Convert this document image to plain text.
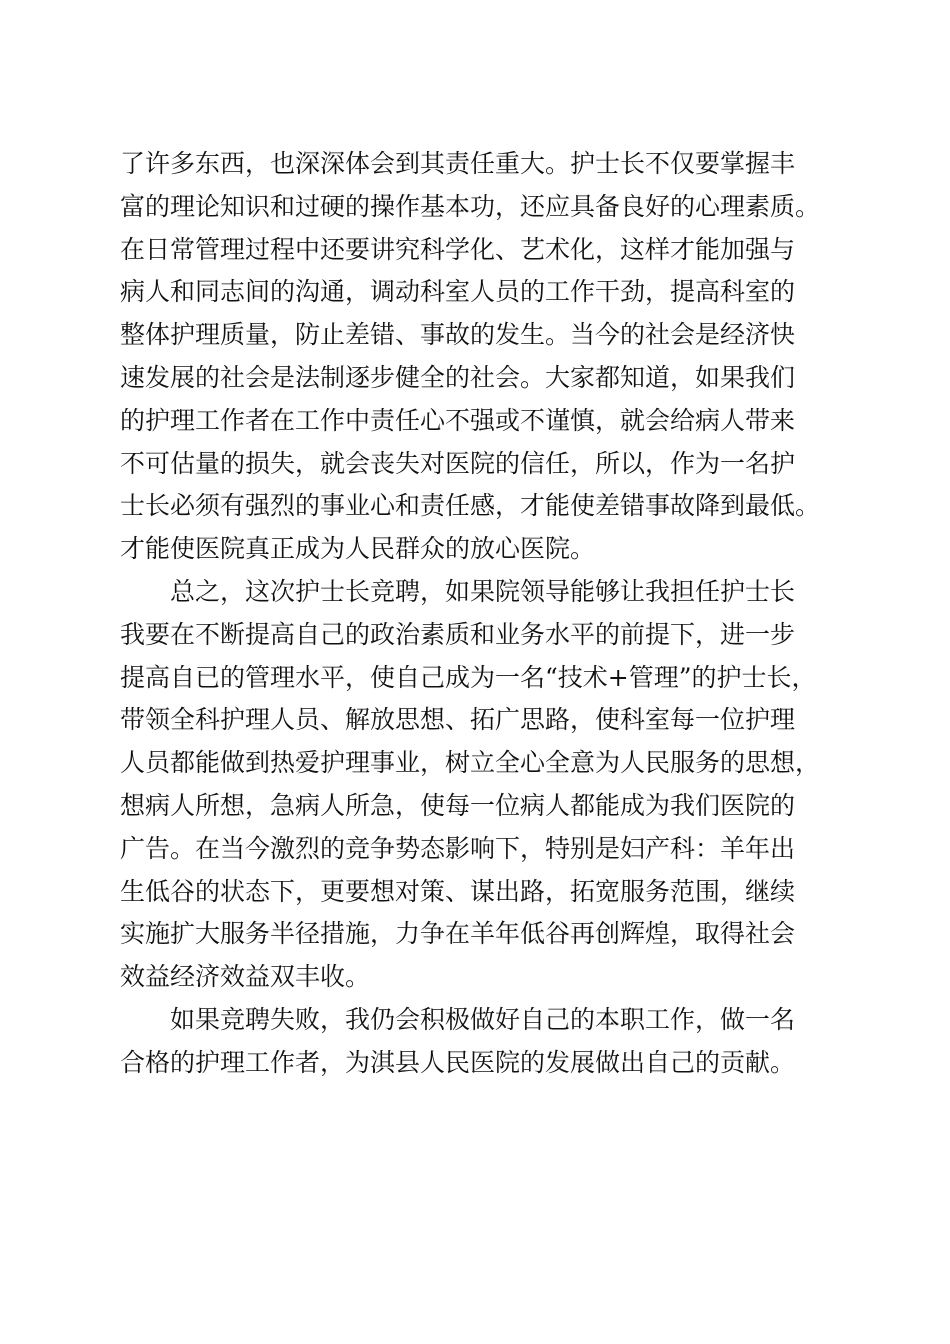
了许多东西，也深深体会到其责任重大。护士长不仅要掌握丰
富的理论知识和过硬的操作基本功，还应具备良好的心理素质。
在日常管理过程中还要讲究科学化、艺术化，这样才能加强与
病人和同志间的沟通，调动科室人员的工作干劲，提高科室的
整体护理质量，防止差错、事故的发生。当今的社会是经济快
速发展的社会是法制逐步健全的社会。大家都知道，如果我们
的护理工作者在工作中责任心不强或不谨慎，就会给病人带来
不可估量的损失，就会丧失对医院的信任，所以，作为一名护
士长必须有强烈的事业心和责任感，才能使差错事故降到最低。
才能使医院真正成为人民群众的放心医院。
总之，这次护士长竞聘，如果院领导能够让我担任护士长
我要在不断提高自己的政治素质和业务水平的前提下，进一步
提高自已的管理水平，使自己成为一名“技术+管理”的护士长，
带领全科护理人员、解放思想、拓广思路，使科室每一位护理
人员都能做到热爱护理事业，树立全心全意为人民服务的思想，
想病人所想，急病人所急，使每一位病人都能成为我们医院的
广告。在当今激烈的竞争势态影响下，特别是妇产科：羊年出
生低谷的状态下，更要想对策、谋出路，拓宽服务范围，继续
实施扩大服务半径措施，力争在羊年低谷再创辉煌，取得社会
效益经济效益双丰收。
如果竞聘失败，我仍会积极做好自己的本职工作，做一名
合格的护理工作者，为淇县人民医院的发展做出自己的贡献。
